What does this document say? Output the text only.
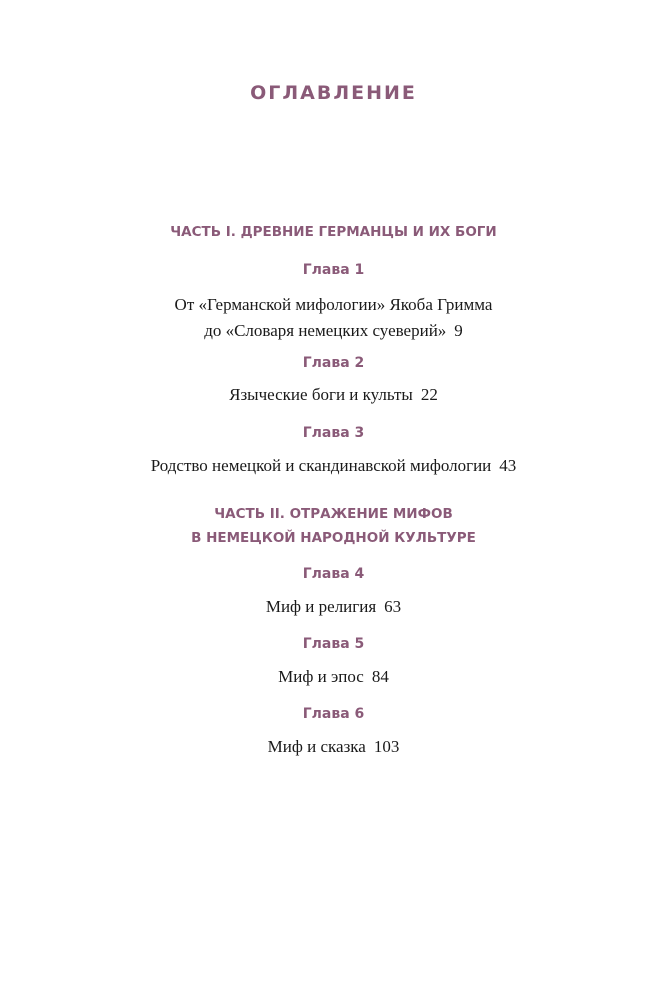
ОГЛАВЛЕНИЕ
ЧАСТЬ I. ДРЕВНИЕ ГЕРМАНЦЫ И ИХ БОГИ
Глава 1
От «Германской мифологии» Якоба Гримма
до «Словаря немецких суеверий» 9
Глава 2
Языческие боги и культы 22
Глава 3
Родство немецкой и скандинавской мифологии 43
ЧАСТЬ II. ОТРАЖЕНИЕ МИФОВ
В НЕМЕЦКОЙ НАРОДНОЙ КУЛЬТУРЕ
Глава 4
Миф и религия 63
Глава 5
Миф и эпос 84
Глава 6
Миф и сказка 103
